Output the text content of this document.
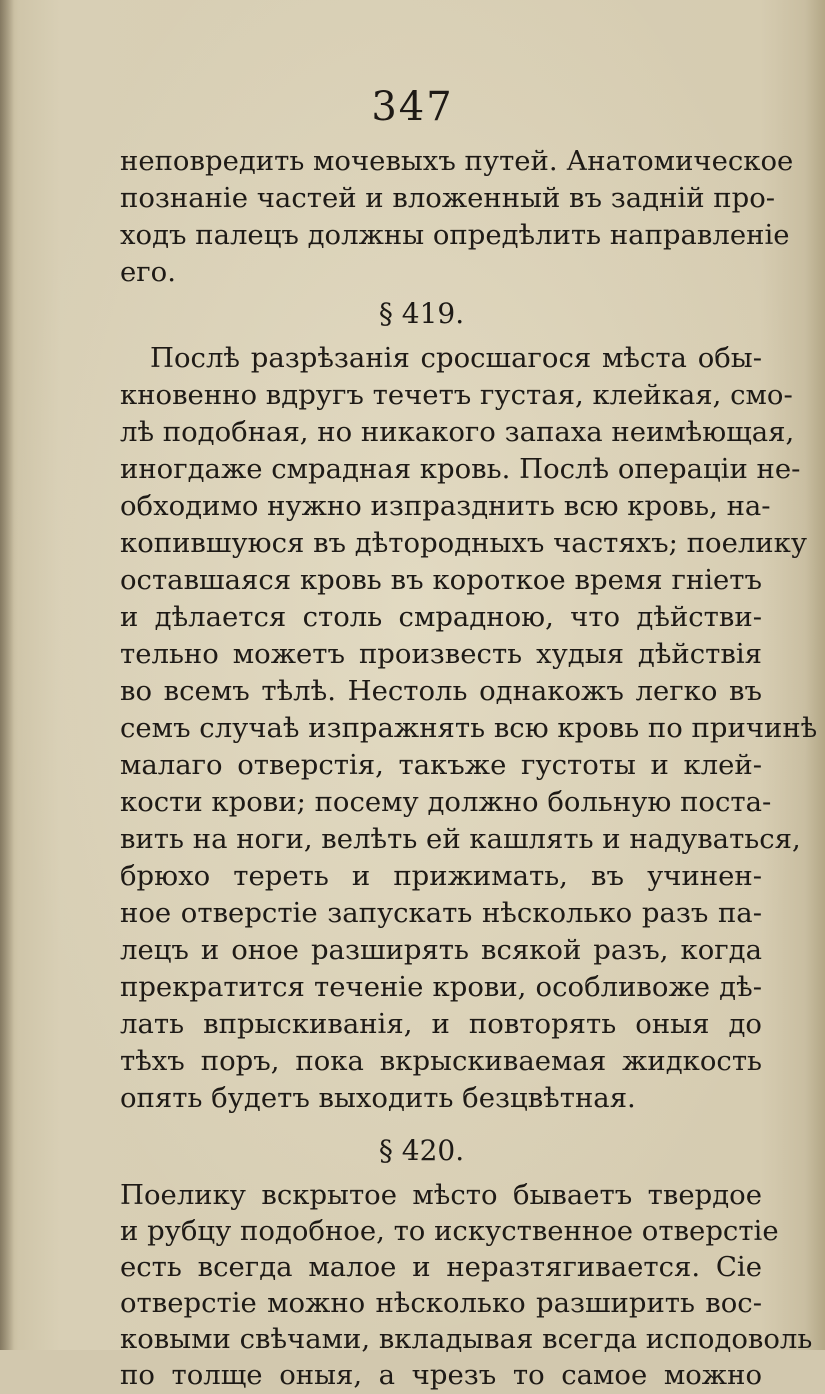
347
неповредить мочевыхъ путей. Анатомическое
познаніе частей и вложенный въ задній про-
ходъ палецъ должны опредѣлить направленіе
его.
§ 419.
Послѣ разрѣзанія сросшагося мѣста обы-
кновенно вдругъ течетъ густая, клейкая, смо-
лѣ подобная, но никакого запаха неимѣющая,
иногдаже смрадная кровь. Послѣ операціи не-
обходимо нужно изпразднить всю кровь, на-
копившуюся въ дѣтородныхъ частяхъ; поелику
оставшаяся кровь въ короткое время гніетъ
и дѣлается столь смрадною, что дѣйстви-
тельно можетъ произвесть худыя дѣйствія
во всемъ тѣлѣ. Нестоль однакожъ легко въ
семъ случаѣ изпражнять всю кровь по причинѣ
малаго отверстія, такъже густоты и клей-
кости крови; посему должно больную поста-
вить на ноги, велѣть ей кашлять и надуваться,
брюхо тереть и прижимать, въ учинен-
ное отверстіе запускать нѣсколько разъ па-
лецъ и оное разширять всякой разъ, когда
прекратится теченіе крови, особливоже дѣ-
лать впрыскиванія, и повторять оныя до
тѣхъ поръ, пока вкрыскиваемая жидкость
опять будетъ выходить безцвѣтная.
§ 420.
Поелику вскрытое мѣсто бываетъ твердое
и рубцу подобное, то искуственное отверстіе
есть всегда малое и неразтягивается. Сіе
отверстіе можно нѣсколько разширить вос-
ковыми свѣчами, вкладывая всегда исподоволь
по толще оныя, а чрезъ то самое можно
